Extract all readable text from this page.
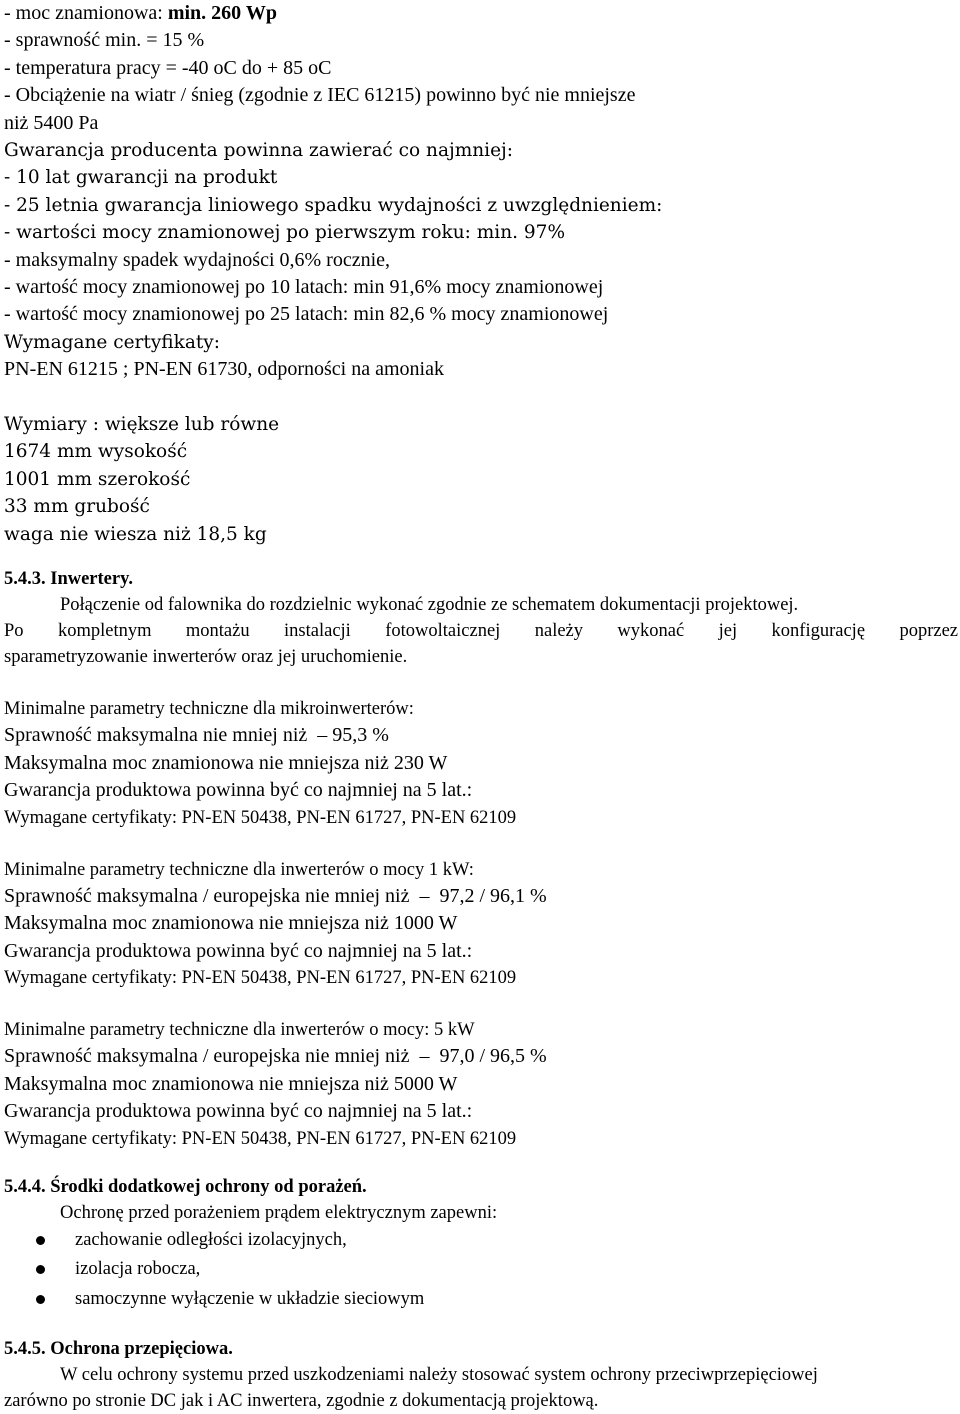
- moc znamionowa: min. 260 Wp
- sprawność min. = 15 %
- temperatura pracy = -40 oC do + 85 oC
- Obciążenie na wiatr / śnieg (zgodnie z IEC 61215) powinno być nie mniejsze
niż 5400 Pa
Gwarancja producenta powinna zawierać co najmniej:
- 10 lat gwarancji na produkt
- 25 letnia gwarancja liniowego spadku wydajności z uwzględnieniem:
- wartości mocy znamionowej po pierwszym roku: min. 97%
- maksymalny spadek wydajności 0,6% rocznie,
- wartość mocy znamionowej po 10 latach: min 91,6% mocy znamionowej
- wartość mocy znamionowej po 25 latach: min 82,6 % mocy znamionowej
Wymagane certyfikaty:
PN-EN 61215 ; PN-EN 61730, odporności na amoniak
Wymiary : większe lub równe
1674 mm wysokość
1001 mm szerokość
33 mm grubość
waga nie wiesza niż 18,5 kg
5.4.3. Inwertery.
Połączenie od falownika do rozdzielnic wykonać zgodnie ze schematem dokumentacji projektowej.
Po kompletnym montażu instalacji fotowoltaicznej należy wykonać jej konfigurację poprzez
sparametryzowanie inwerterów oraz jej uruchomienie.
Minimalne parametry techniczne dla mikroinwerterów:
Sprawność maksymalna nie mniej niż  – 95,3 %
Maksymalna moc znamionowa nie mniejsza niż 230 W
Gwarancja produktowa powinna być co najmniej na 5 lat.:
Wymagane certyfikaty: PN-EN 50438, PN-EN 61727, PN-EN 62109
Minimalne parametry techniczne dla inwerterów o mocy 1 kW:
Sprawność maksymalna / europejska nie mniej niż  –  97,2 / 96,1 %
Maksymalna moc znamionowa nie mniejsza niż 1000 W
Gwarancja produktowa powinna być co najmniej na 5 lat.:
Wymagane certyfikaty: PN-EN 50438, PN-EN 61727, PN-EN 62109
Minimalne parametry techniczne dla inwerterów o mocy: 5 kW
Sprawność maksymalna / europejska nie mniej niż  –  97,0 / 96,5 %
Maksymalna moc znamionowa nie mniejsza niż 5000 W
Gwarancja produktowa powinna być co najmniej na 5 lat.:
Wymagane certyfikaty: PN-EN 50438, PN-EN 61727, PN-EN 62109
5.4.4. Środki dodatkowej ochrony od porażeń.
Ochronę przed porażeniem prądem elektrycznym zapewni:
zachowanie odległości izolacyjnych,
izolacja robocza,
samoczynne wyłączenie w układzie sieciowym
5.4.5. Ochrona przepięciowa.
W celu ochrony systemu przed uszkodzeniami należy stosować system ochrony przeciwprzepięciowej
zarówno po stronie DC jak i AC inwertera, zgodnie z dokumentacją projektową.
